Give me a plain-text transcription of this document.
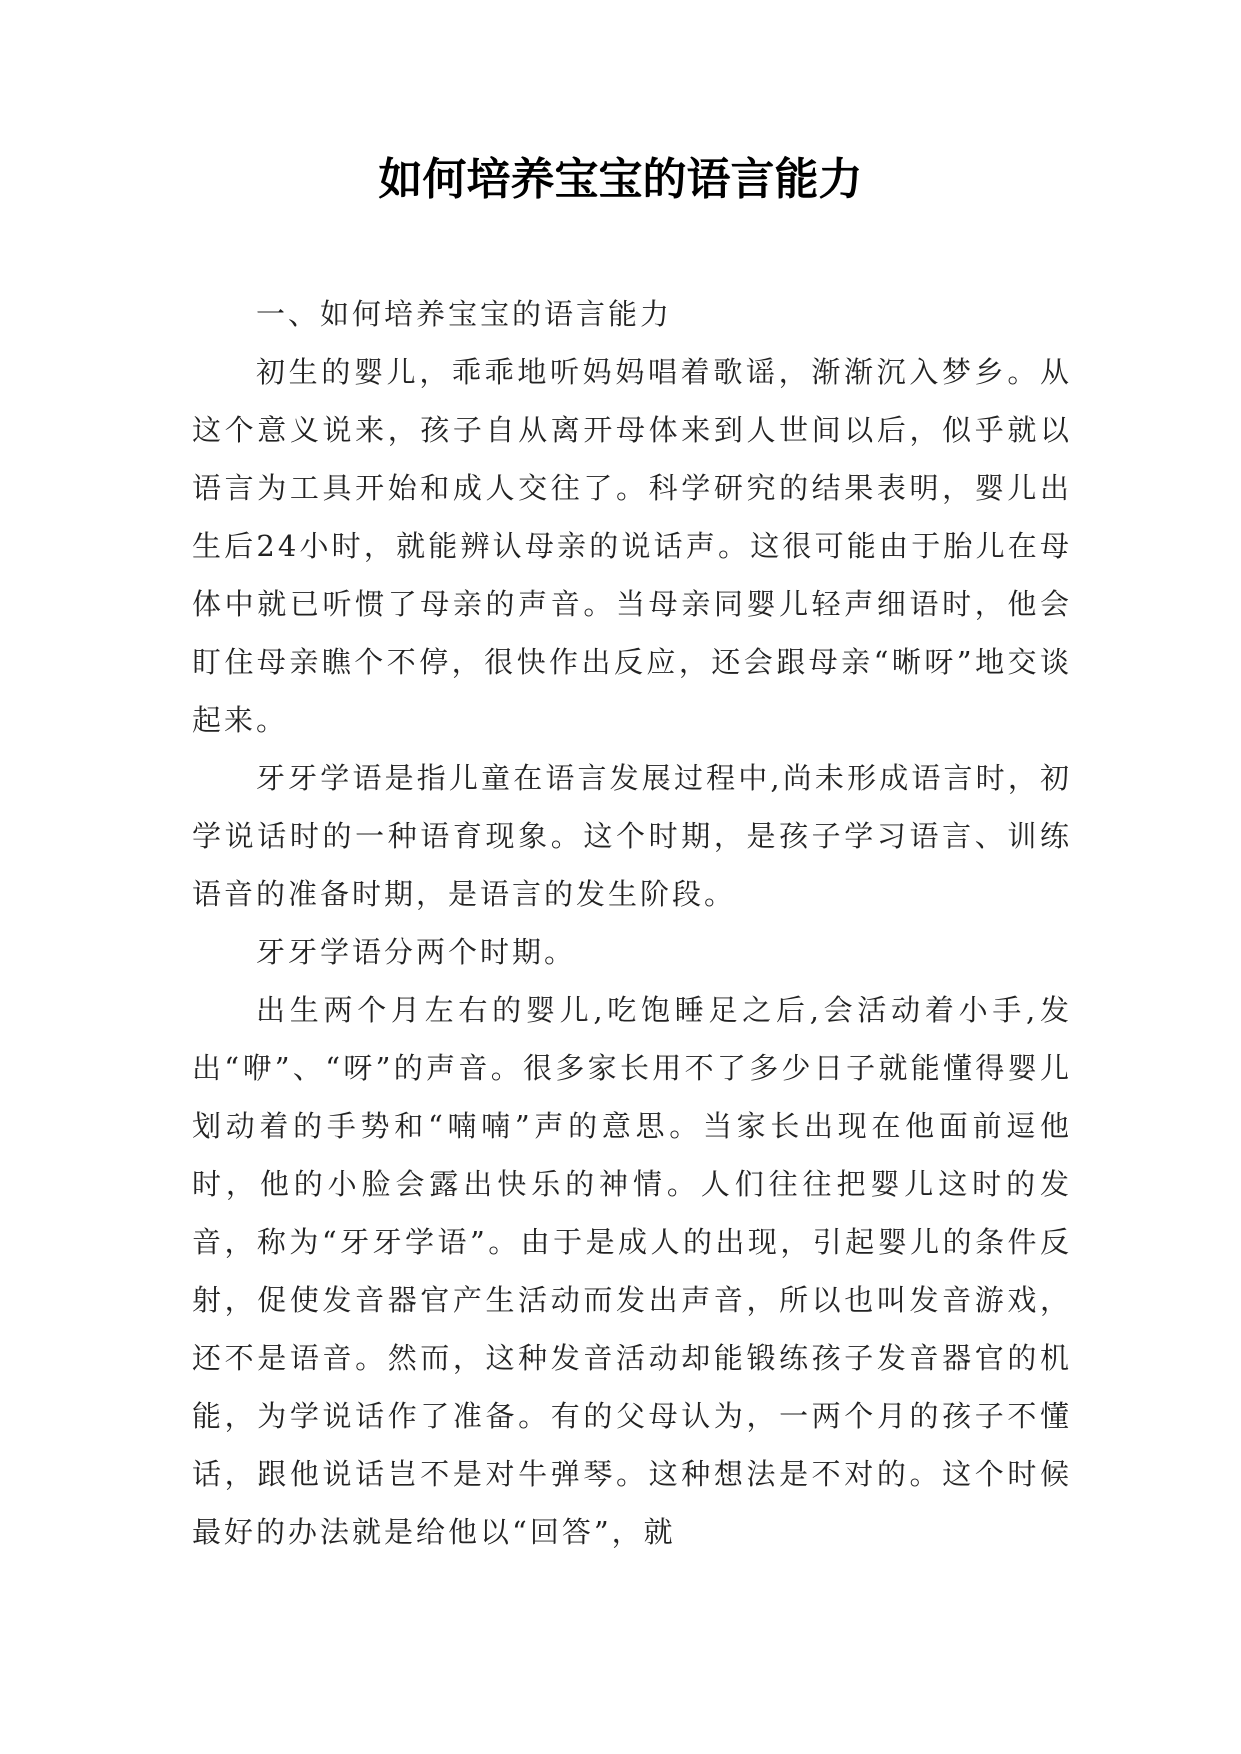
如何培养宝宝的语言能力

一、如何培养宝宝的语言能力

初生的婴儿，乖乖地听妈妈唱着歌谣，渐渐沉入梦乡。从这个意义说来，孩子自从离开母体来到人世间以后，似乎就以语言为工具开始和成人交往了。科学研究的结果表明，婴儿出生后24小时，就能辨认母亲的说话声。这很可能由于胎儿在母体中就已听惯了母亲的声音。当母亲同婴儿轻声细语时，他会盯住母亲瞧个不停，很快作出反应，还会跟母亲“晰呀”地交谈起来。

牙牙学语是指儿童在语言发展过程中,尚未形成语言时，初学说话时的一种语育现象。这个时期，是孩子学习语言、训练语音的准备时期，是语言的发生阶段。

牙牙学语分两个时期。

出生两个月左右的婴儿,吃饱睡足之后,会活动着小手,发出“咿”、“呀”的声音。很多家长用不了多少日子就能懂得婴儿划动着的手势和“喃喃”声的意思。当家长出现在他面前逗他时，他的小脸会露出快乐的神情。人们往往把婴儿这时的发音，称为“牙牙学语”。由于是成人的出现，引起婴儿的条件反射，促使发音器官产生活动而发出声音，所以也叫发音游戏，还不是语音。然而，这种发音活动却能锻练孩子发音器官的机能，为学说话作了准备。有的父母认为，一两个月的孩子不懂话，跟他说话岂不是对牛弹琴。这种想法是不对的。这个时候最好的办法就是给他以“回答”，就
